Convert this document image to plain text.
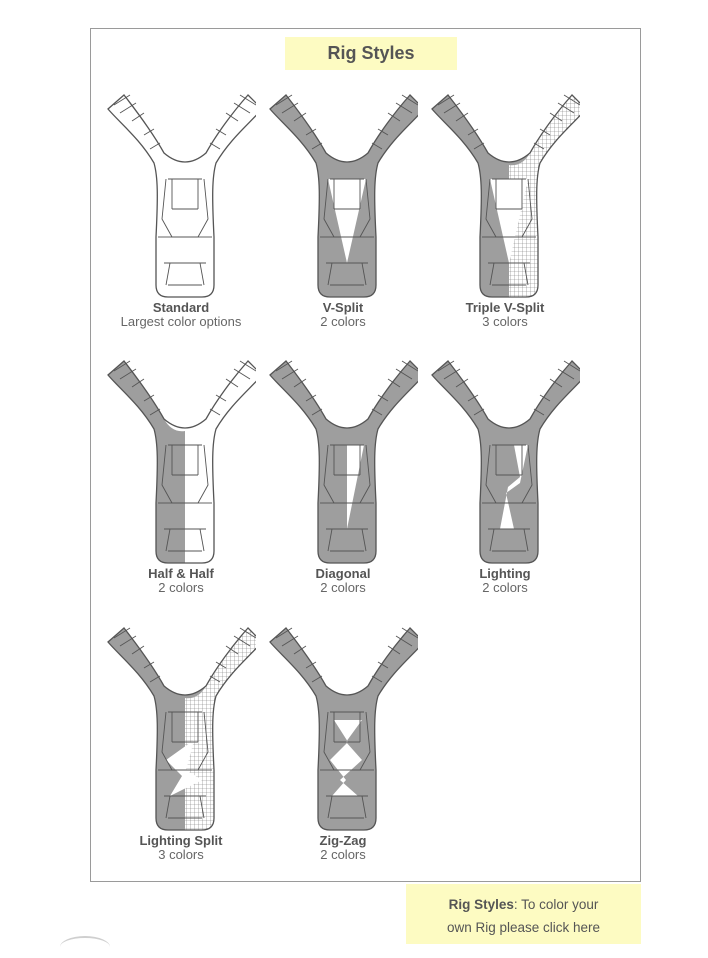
Rig Styles
Standard
Largest color options
V-Split
2 colors
Triple V-Split
3 colors
Half & Half
2 colors
Diagonal
2 colors
Lighting
2 colors
Lighting Split
3 colors
Zig-Zag
2 colors
Rig Styles: To color your
own Rig please click here
